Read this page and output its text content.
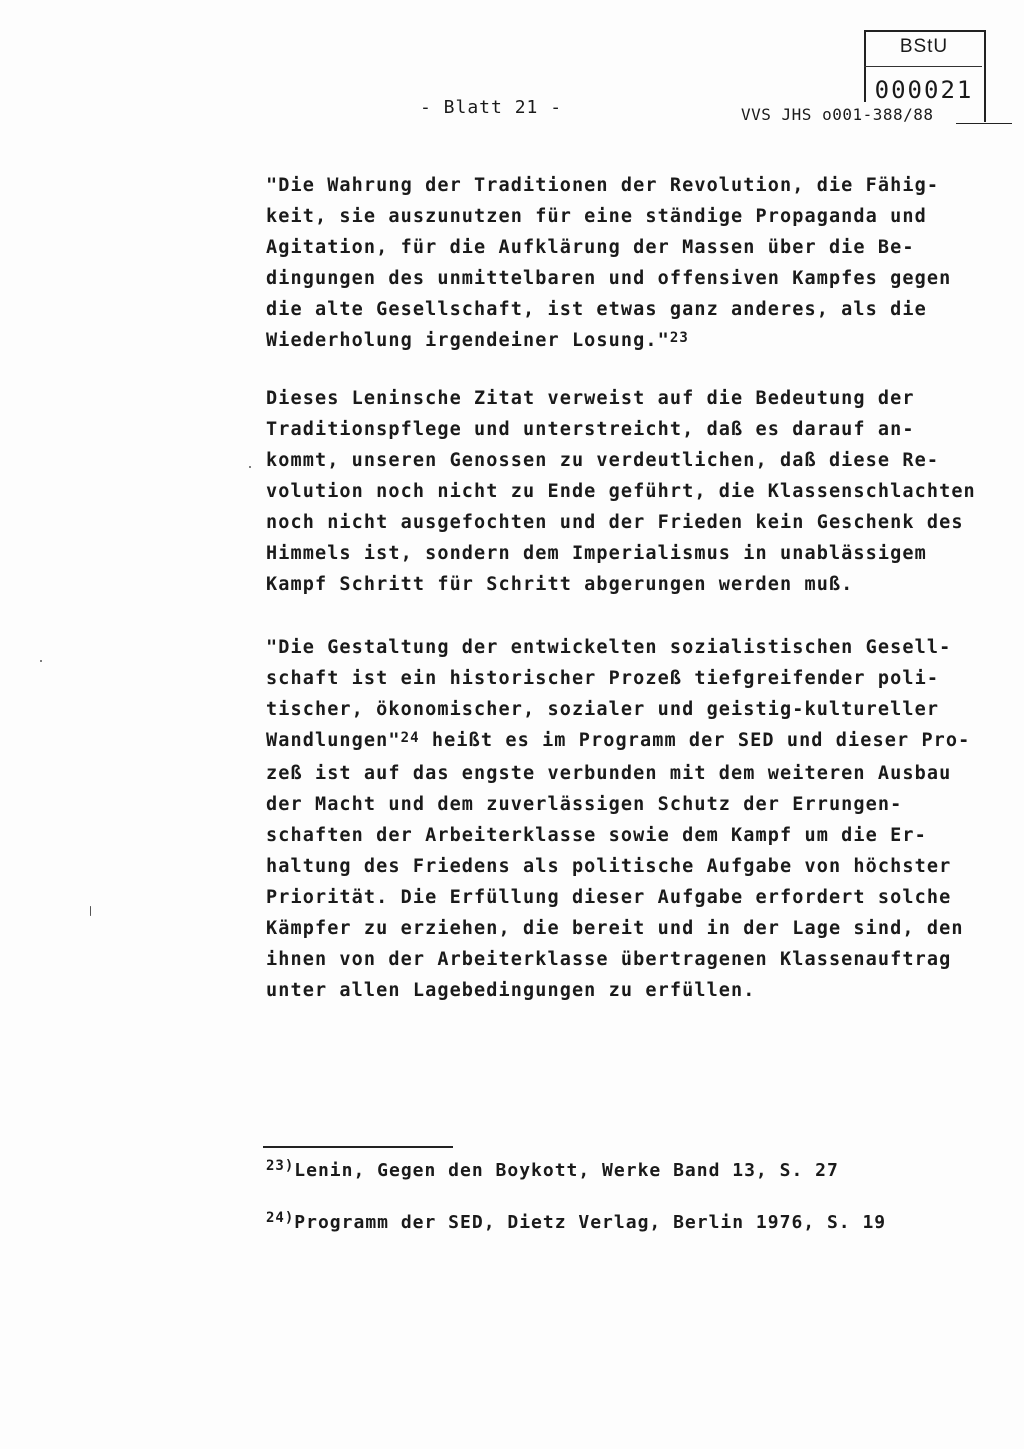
BStU
000021
- Blatt 21 -	VVS JHS o001-388/88

"Die Wahrung der Traditionen der Revolution, die Fähig-
keit, sie auszunutzen für eine ständige Propaganda und
Agitation, für die Aufklärung der Massen über die Be-
dingungen des unmittelbaren und offensiven Kampfes gegen
die alte Gesellschaft, ist etwas ganz anderes, als die
Wiederholung irgendeiner Losung."$^{23}$

Dieses Leninsche Zitat verweist auf die Bedeutung der
Traditionspflege und unterstreicht, daß es darauf an-
kommt, unseren Genossen zu verdeutlichen, daß diese Re-
volution noch nicht zu Ende geführt, die Klassenschlachten
noch nicht ausgefochten und der Frieden kein Geschenk des
Himmels ist, sondern dem Imperialismus in unablässigem
Kampf Schritt für Schritt abgerungen werden muß.

"Die Gestaltung der entwickelten sozialistischen Gesell-
schaft ist ein historischer Prozeß tiefgreifender poli-
tischer, ökonomischer, sozialer und geistig-kultureller
Wandlungen"$^{24}$ heißt es im Programm der SED und dieser Pro-
zeß ist auf das engste verbunden mit dem weiteren Ausbau
der Macht und dem zuverlässigen Schutz der Errungen-
schaften der Arbeiterklasse sowie dem Kampf um die Er-
haltung des Friedens als politische Aufgabe von höchster
Priorität. Die Erfüllung dieser Aufgabe erfordert solche
Kämpfer zu erziehen, die bereit und in der Lage sind, den
ihnen von der Arbeiterklasse übertragenen Klassenauftrag
unter allen Lagebedingungen zu erfüllen.

$^{23)}$Lenin, Gegen den Boykott, Werke Band 13, S. 27
$^{24)}$Programm der SED, Dietz Verlag, Berlin 1976, S. 19
